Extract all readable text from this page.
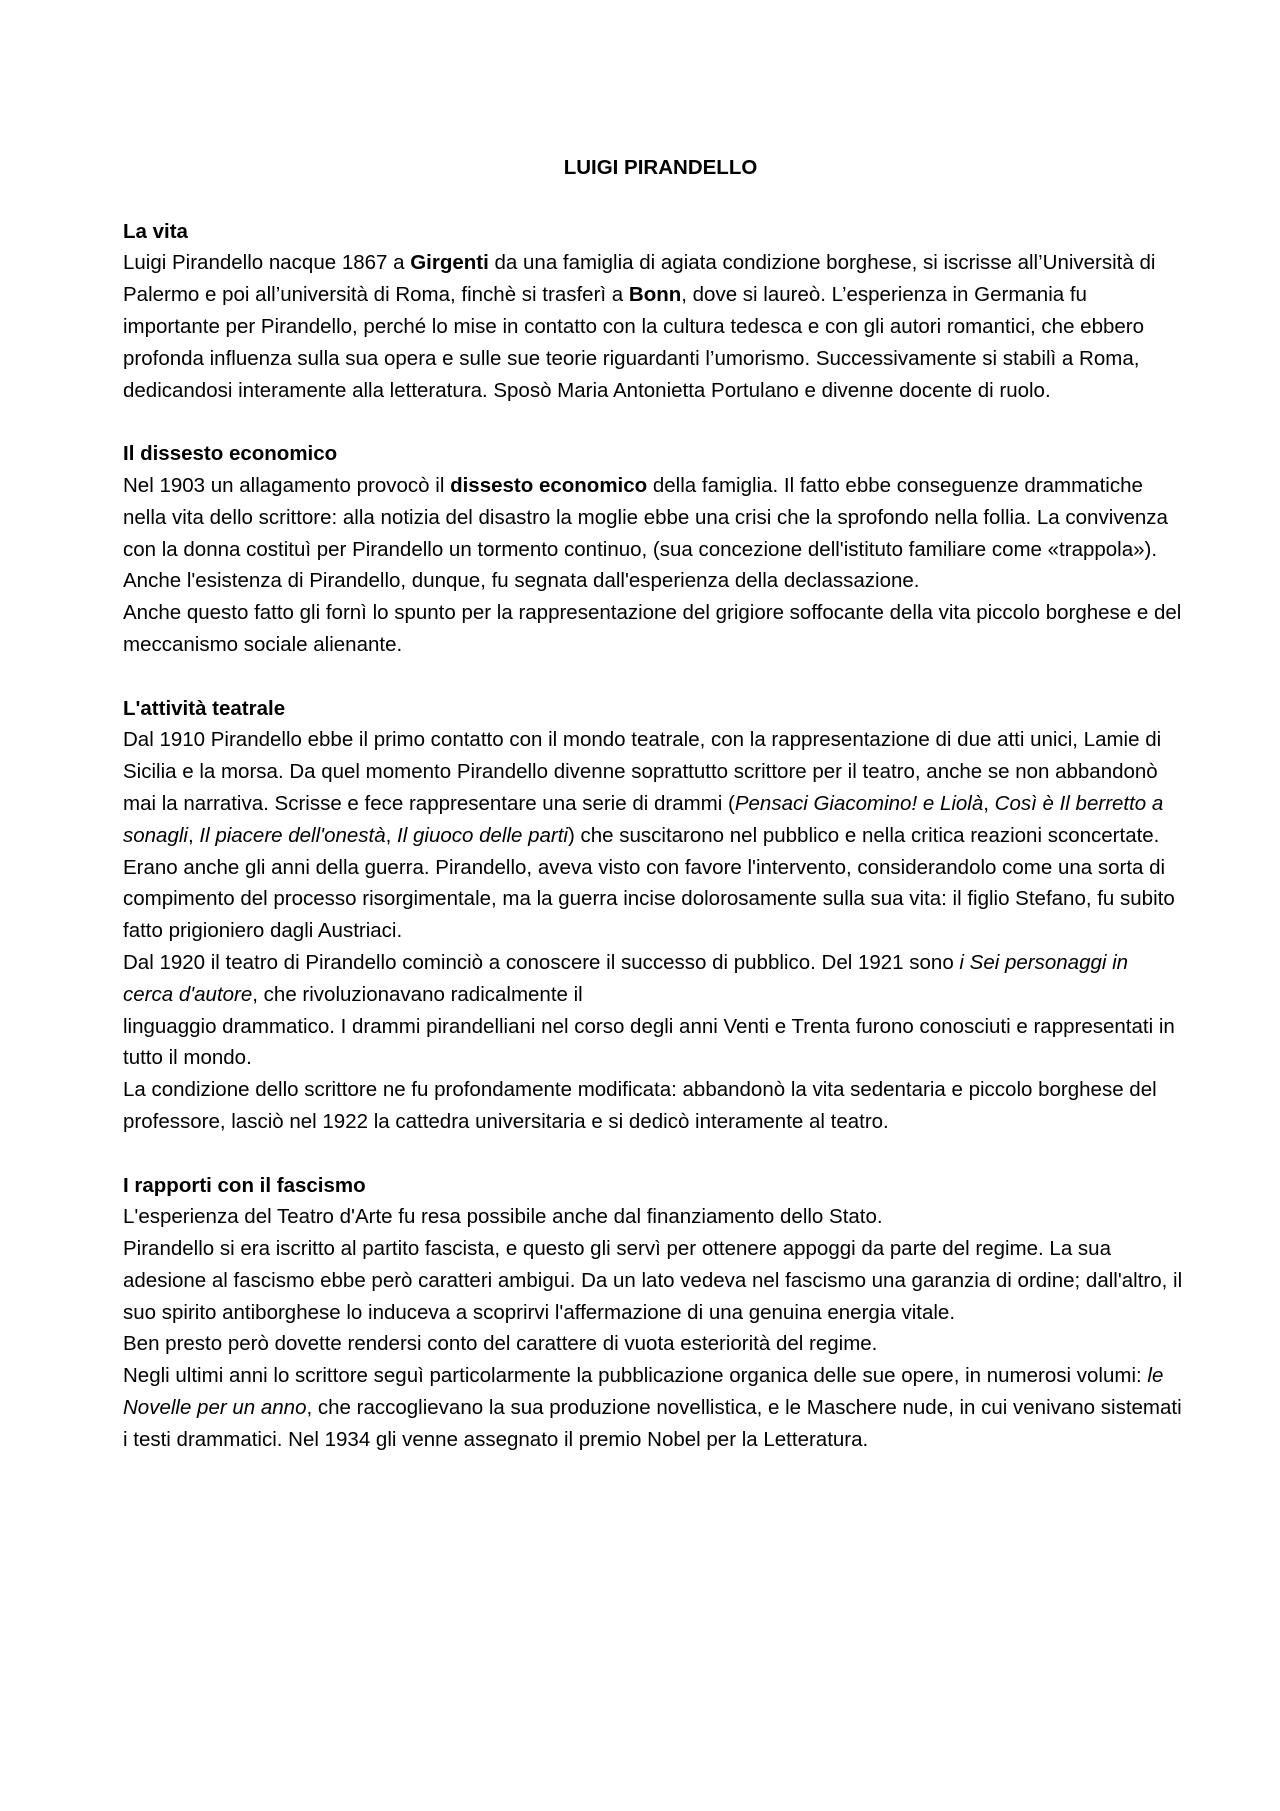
LUIGI PIRANDELLO
La vita

Luigi Pirandello nacque 1867 a Girgenti da una famiglia di agiata condizione borghese, si iscrisse all’Università di Palermo e poi all’università di Roma, finchè si trasferì a Bonn, dove si laureò. L’esperienza in Germania fu importante per Pirandello, perché lo mise in contatto con la cultura tedesca e con gli autori romantici, che ebbero profonda influenza sulla sua opera e sulle sue teorie riguardanti l’umorismo. Successivamente si stabilì a Roma, dedicandosi interamente alla letteratura. Sposò Maria Antonietta Portulano e divenne docente di ruolo.

Il dissesto economico

Nel 1903 un allagamento provocò il dissesto economico della famiglia. Il fatto ebbe conseguenze drammatiche nella vita dello scrittore: alla notizia del disastro la moglie ebbe una crisi che la sprofondo nella follia. La convivenza con la donna costituì per Pirandello un tormento continuo, (sua concezione dell'istituto familiare come «trappola»).

Anche l'esistenza di Pirandello, dunque, fu segnata dall'esperienza della declassazione.

Anche questo fatto gli fornì lo spunto per la rappresentazione del grigiore soffocante della vita piccolo borghese e del meccanismo sociale alienante.

L'attività teatrale

Dal 1910 Pirandello ebbe il primo contatto con il mondo teatrale, con la rappresentazione di due atti unici, Lamie di Sicilia e la morsa. Da quel momento Pirandello divenne soprattutto scrittore per il teatro, anche se non abbandonò mai la narrativa. Scrisse e fece rappresentare una serie di drammi (Pensaci Giacomino! e Liolà, Così è Il berretto a sonagli, Il piacere dell'onestà, Il giuoco delle parti) che suscitarono nel pubblico e nella critica reazioni sconcertate.

Erano anche gli anni della guerra. Pirandello, aveva visto con favore l'intervento, considerandolo come una sorta di compimento del processo risorgimentale, ma la guerra incise dolorosamente sulla sua vita: il figlio Stefano, fu subito fatto prigioniero dagli Austriaci.

Dal 1920 il teatro di Pirandello cominciò a conoscere il successo di pubblico. Del 1921 sono i Sei personaggi in cerca d'autore, che rivoluzionavano radicalmente il

linguaggio drammatico. I drammi pirandelliani nel corso degli anni Venti e Trenta furono conosciuti e rappresentati in tutto il mondo.

La condizione dello scrittore ne fu profondamente modificata: abbandonò la vita sedentaria e piccolo borghese del professore, lasciò nel 1922 la cattedra universitaria e si dedicò interamente al teatro.

I rapporti con il fascismo

L'esperienza del Teatro d'Arte fu resa possibile anche dal finanziamento dello Stato.

Pirandello si era iscritto al partito fascista, e questo gli servì per ottenere appoggi da parte del regime. La sua adesione al fascismo ebbe però caratteri ambigui. Da un lato vedeva nel fascismo una garanzia di ordine; dall'altro, il suo spirito antiborghese lo induceva a scoprirvi l'affermazione di una genuina energia vitale.

Ben presto però dovette rendersi conto del carattere di vuota esteriorità del regime.

Negli ultimi anni lo scrittore seguì particolarmente la pubblicazione organica delle sue opere, in numerosi volumi: le Novelle per un anno, che raccoglievano la sua produzione novellistica, e le Maschere nude, in cui venivano sistemati i testi drammatici. Nel 1934 gli venne assegnato il premio Nobel per la Letteratura.
